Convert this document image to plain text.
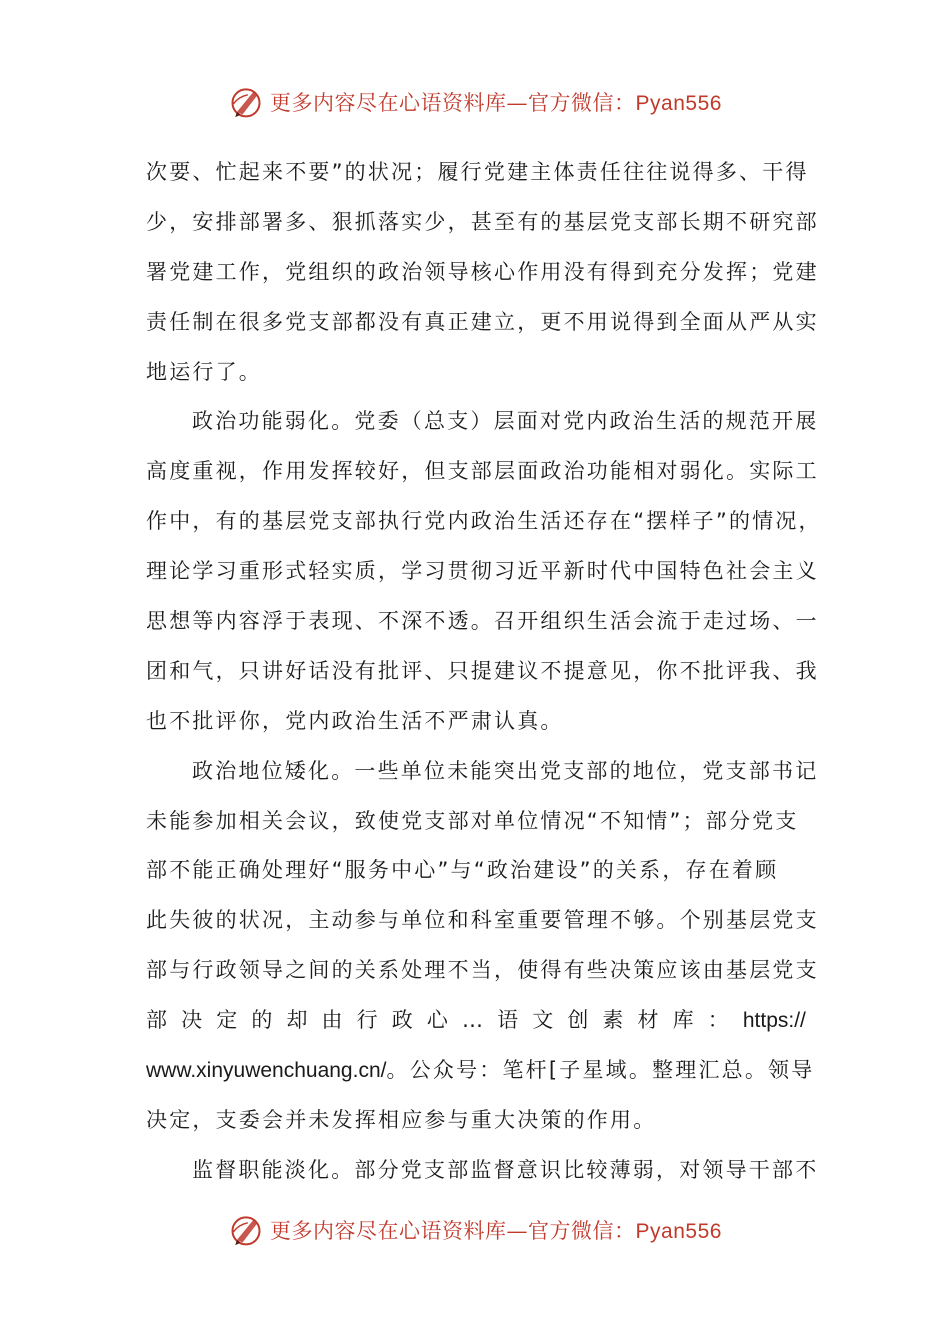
更多内容尽在心语资料库—官方微信：Pyan556
次要、忙起来不要”的状况；履行党建主体责任往往说得多、干得
少，安排部署多、狠抓落实少，甚至有的基层党支部长期不研究部
署党建工作，党组织的政治领导核心作用没有得到充分发挥；党建
责任制在很多党支部都没有真正建立，更不用说得到全面从严从实
地运行了。
政治功能弱化。党委（总支）层面对党内政治生活的规范开展
高度重视，作用发挥较好，但支部层面政治功能相对弱化。实际工
作中，有的基层党支部执行党内政治生活还存在“摆样子”的情况，
理论学习重形式轻实质，学习贯彻习近平新时代中国特色社会主义
思想等内容浮于表现、不深不透。召开组织生活会流于走过场、一
团和气，只讲好话没有批评、只提建议不提意见，你不批评我、我
也不批评你，党内政治生活不严肃认真。
政治地位矮化。一些单位未能突出党支部的地位，党支部书记
未能参加相关会议，致使党支部对单位情况“不知情”；部分党支
部不能正确处理好“服务中心”与“政治建设”的关系，存在着顾
此失彼的状况，主动参与单位和科室重要管理不够。个别基层党支
部与行政领导之间的关系处理不当，使得有些决策应该由基层党支
部 决 定 的 却 由 行 政 心 … 语 文 创 素 材 库 ： https://
www.xinyuwenchuang.cn/。公众号：笔杆[子星域。整理汇总。领导
决定，支委会并未发挥相应参与重大决策的作用。
监督职能淡化。部分党支部监督意识比较薄弱，对领导干部不
更多内容尽在心语资料库—官方微信：Pyan556
